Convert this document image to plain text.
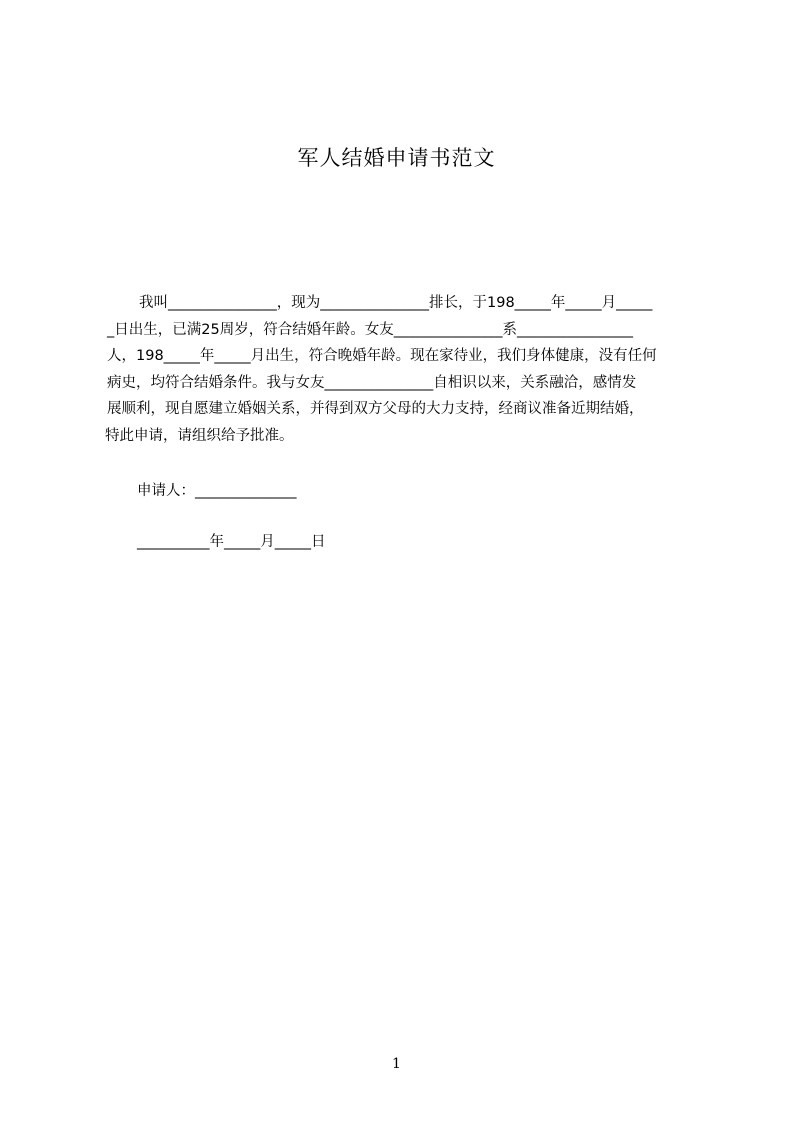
军人结婚申请书范文
我叫_______________，现为_______________排长，于198_____年_____月_____
_日出生，已满25周岁，符合结婚年龄。女友_______________系________________
人，198_____年_____月出生，符合晚婚年龄。现在家待业，我们身体健康，没有任何
病史，均符合结婚条件。我与女友_______________自相识以来，关系融洽，感情发
展顺利，现自愿建立婚姻关系，并得到双方父母的大力支持，经商议准备近期结婚，
特此申请，请组织给予批准。
申请人：______________
__________年_____月_____日
1
